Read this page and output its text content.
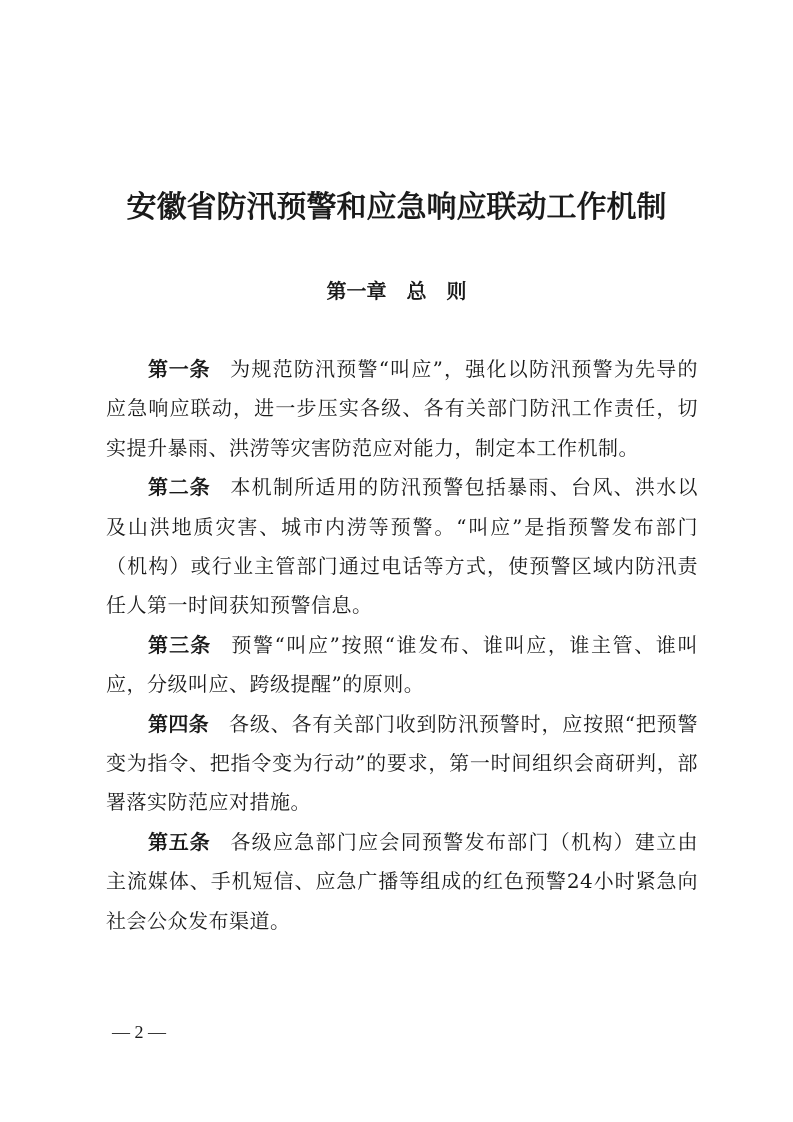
安徽省防汛预警和应急响应联动工作机制
第一章　总　则

第一条 为规范防汛预警“叫应”，强化以防汛预警为先导的应急响应联动，进一步压实各级、各有关部门防汛工作责任，切实提升暴雨、洪涝等灾害防范应对能力，制定本工作机制。

第二条 本机制所适用的防汛预警包括暴雨、台风、洪水以及山洪地质灾害、城市内涝等预警。“叫应”是指预警发布部门（机构）或行业主管部门通过电话等方式，使预警区域内防汛责任人第一时间获知预警信息。

第三条 预警“叫应”按照“谁发布、谁叫应，谁主管、谁叫应，分级叫应、跨级提醒”的原则。

第四条 各级、各有关部门收到防汛预警时，应按照“把预警变为指令、把指令变为行动”的要求，第一时间组织会商研判，部署落实防范应对措施。

第五条 各级应急部门应会同预警发布部门（机构）建立由主流媒体、手机短信、应急广播等组成的红色预警24小时紧急向社会公众发布渠道。

— 2 —
